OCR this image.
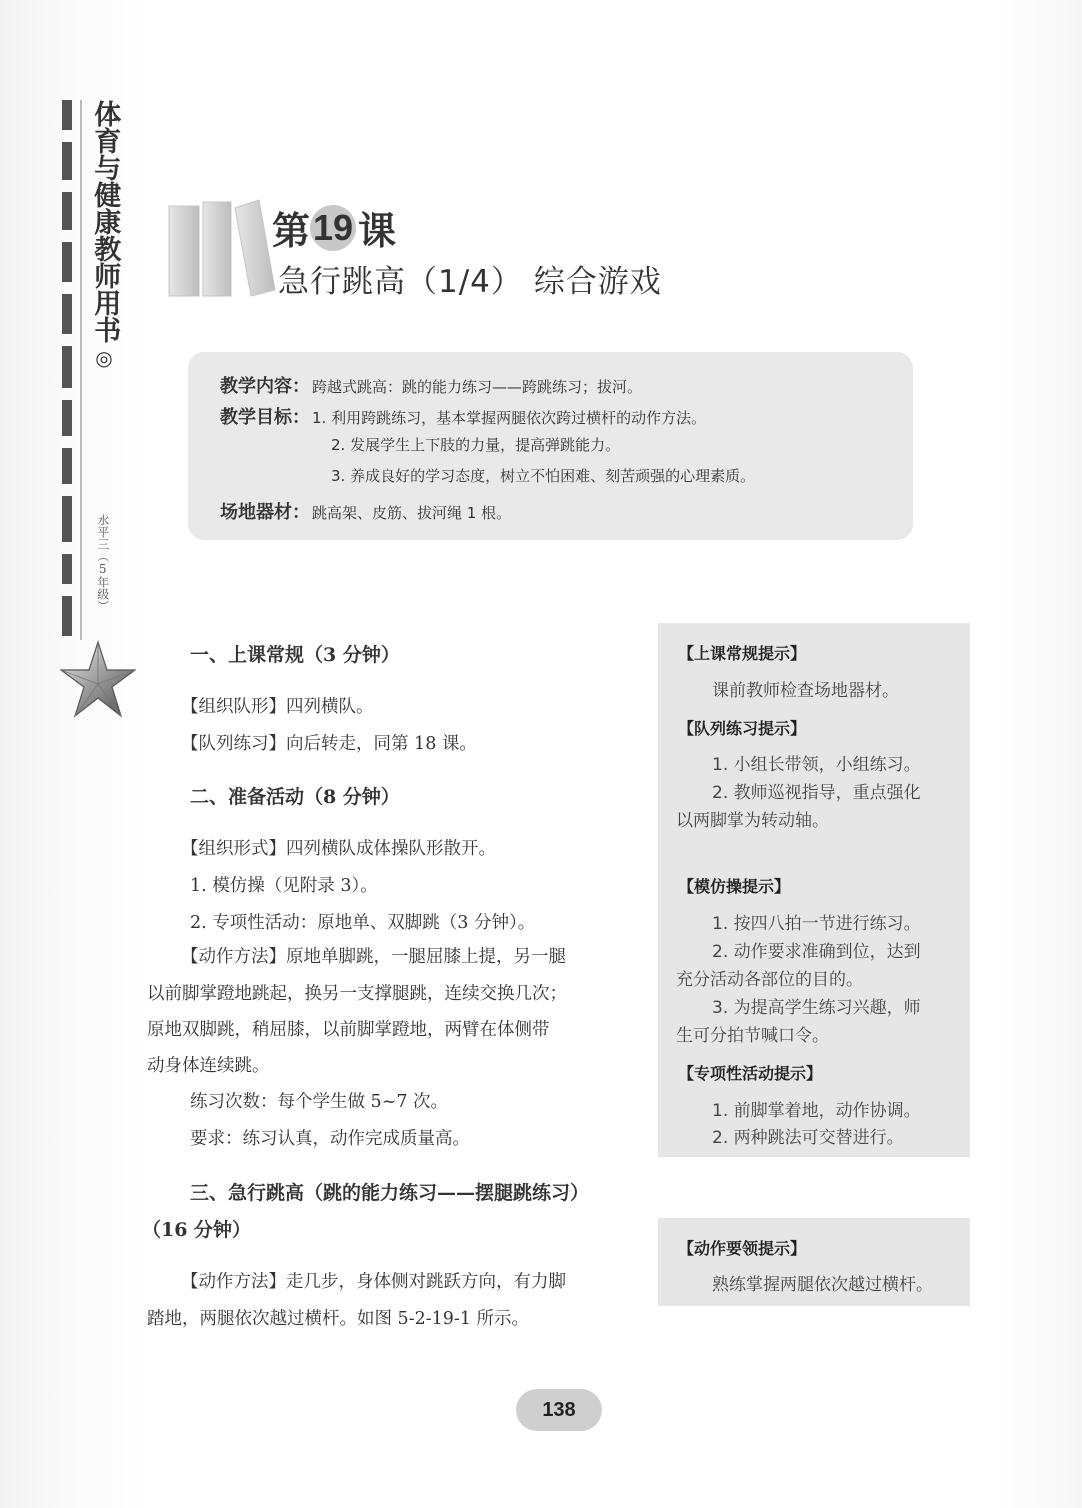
体育与健康教师用书
◎
水平三（5年级）
第19 课
急行跳高（1/4） 综合游戏
教学内容： 跨越式跳高：跳的能力练习——跨跳练习；拔河。
教学目标： 1. 利用跨跳练习，基本掌握两腿依次跨过横杆的动作方法。
2. 发展学生上下肢的力量，提高弹跳能力。
3. 养成良好的学习态度，树立不怕困难、刻苦顽强的心理素质。
场地器材： 跳高架、皮筋、拔河绳 1 根。
一、上课常规（3 分钟）
【组织队形】四列横队。
【队列练习】向后转走，同第 18 课。
二、准备活动（8 分钟）
【组织形式】四列横队成体操队形散开。
1. 模仿操（见附录 3）。
2. 专项性活动：原地单、双脚跳（3 分钟）。
【动作方法】原地单脚跳，一腿屈膝上提，另一腿
以前脚掌蹬地跳起，换另一支撑腿跳，连续交换几次；
原地双脚跳，稍屈膝，以前脚掌蹬地，两臂在体侧带
动身体连续跳。
练习次数：每个学生做 5~7 次。
要求：练习认真，动作完成质量高。
三、急行跳高（跳的能力练习——摆腿跳练习）
（16 分钟）
【动作方法】走几步，身体侧对跳跃方向，有力脚
踏地，两腿依次越过横杆。如图 5-2-19-1 所示。
【上课常规提示】
课前教师检查场地器材。
【队列练习提示】
1. 小组长带领，小组练习。
2. 教师巡视指导，重点强化
以两脚掌为转动轴。
【模仿操提示】
1. 按四八拍一节进行练习。
2. 动作要求准确到位，达到
充分活动各部位的目的。
3. 为提高学生练习兴趣，师
生可分拍节喊口令。
【专项性活动提示】
1. 前脚掌着地，动作协调。
2. 两种跳法可交替进行。
【动作要领提示】
熟练掌握两腿依次越过横杆。
138
